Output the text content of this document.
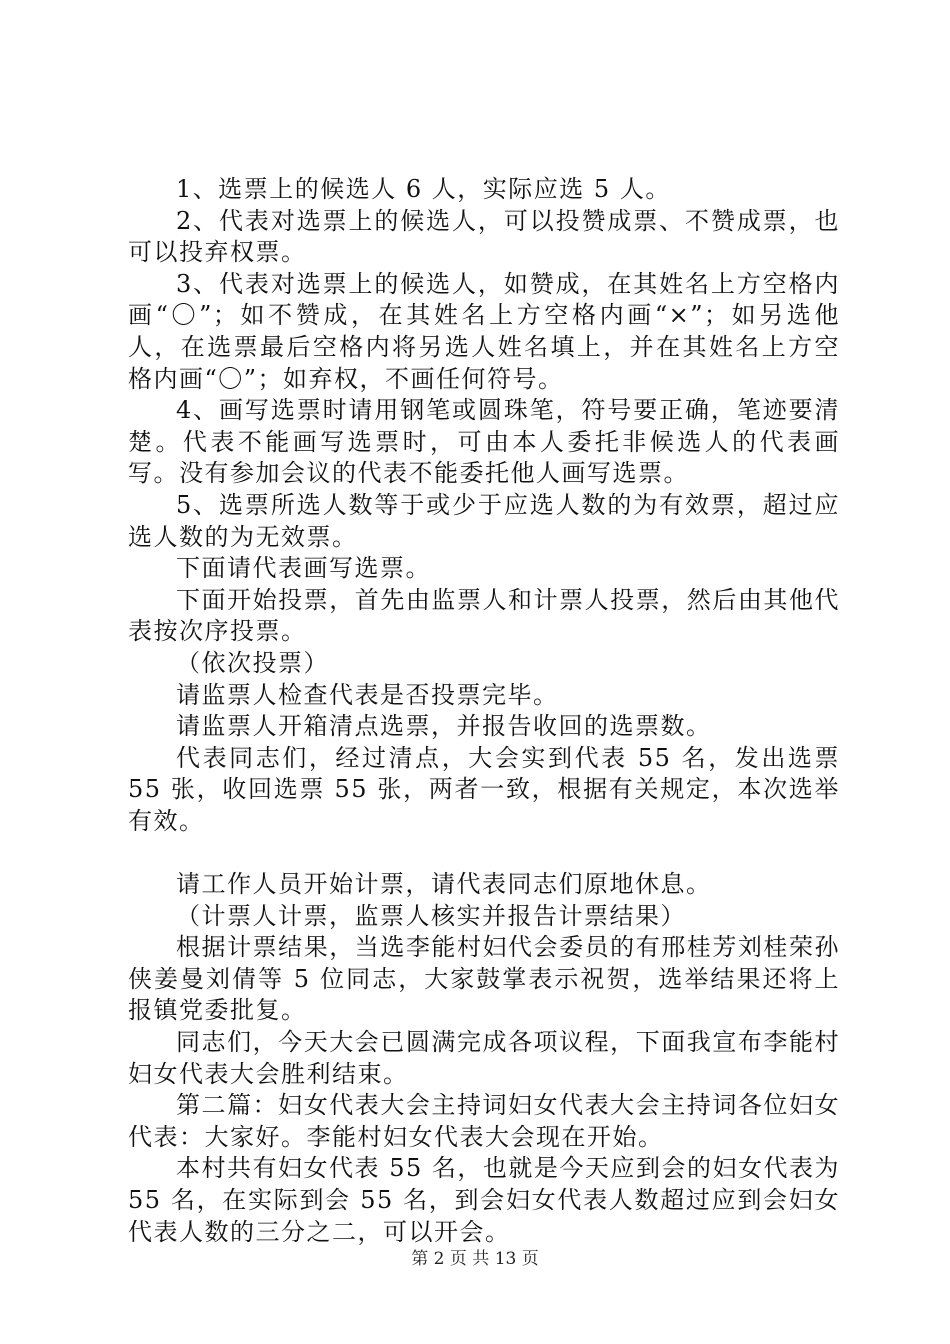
1、选票上的候选人 6 人，实际应选 5 人。

2、代表对选票上的候选人，可以投赞成票、不赞成票，也可以投弃权票。

3、代表对选票上的候选人，如赞成，在其姓名上方空格内画“〇”；如不赞成，在其姓名上方空格内画“×”；如另选他人，在选票最后空格内将另选人姓名填上，并在其姓名上方空格内画“〇”；如弃权，不画任何符号。

4、画写选票时请用钢笔或圆珠笔，符号要正确，笔迹要清楚。代表不能画写选票时，可由本人委托非候选人的代表画写。没有参加会议的代表不能委托他人画写选票。

5、选票所选人数等于或少于应选人数的为有效票，超过应选人数的为无效票。

下面请代表画写选票。

下面开始投票，首先由监票人和计票人投票，然后由其他代表按次序投票。

（依次投票）

请监票人检查代表是否投票完毕。

请监票人开箱清点选票，并报告收回的选票数。

代表同志们，经过清点，大会实到代表 55 名，发出选票 55 张，收回选票 55 张，两者一致，根据有关规定，本次选举有效。

请工作人员开始计票，请代表同志们原地休息。

（计票人计票，监票人核实并报告计票结果）

根据计票结果，当选李能村妇代会委员的有邢桂芳刘桂荣孙侠姜曼刘倩等 5 位同志，大家鼓掌表示祝贺，选举结果还将上报镇党委批复。

同志们，今天大会已圆满完成各项议程，下面我宣布李能村妇女代表大会胜利结束。

第二篇：妇女代表大会主持词妇女代表大会主持词各位妇女代表：大家好。李能村妇女代表大会现在开始。

本村共有妇女代表 55 名，也就是今天应到会的妇女代表为 55 名，在实际到会 55 名，到会妇女代表人数超过应到会妇女代表人数的三分之二，可以开会。

第 2 页 共 13 页
